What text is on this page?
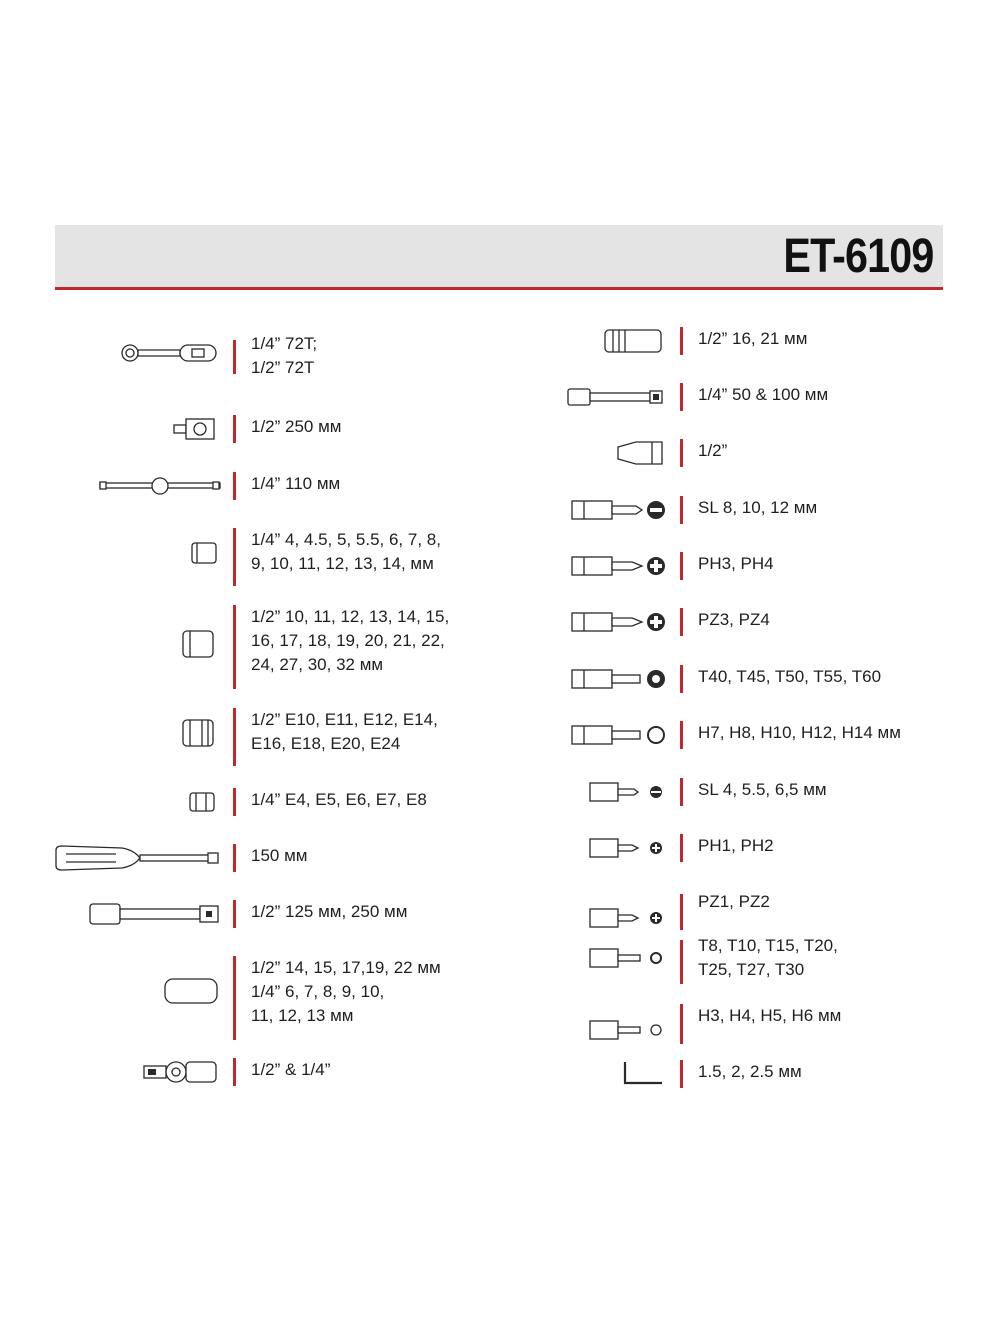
ET-6109
1/4” 72T;
1/2” 72T
1/2” 250 мм
1/4” 110 мм
1/4” 4, 4.5, 5, 5.5, 6, 7, 8,
9, 10, 11, 12, 13, 14, мм
1/2” 10, 11, 12, 13, 14, 15,
16, 17, 18, 19, 20, 21, 22,
24, 27, 30, 32 мм
1/2” E10, E11, E12, E14,
E16, E18, E20, E24
1/4” E4, E5, E6, E7, E8
150 мм
1/2” 125 мм, 250 мм
1/2” 14, 15, 17,19, 22 мм
1/4” 6, 7, 8, 9, 10,
11, 12, 13 мм
1/2” & 1/4”
1/2” 16, 21 мм
1/4” 50 & 100 мм
1/2”
SL 8, 10, 12 мм
PH3, PH4
PZ3, PZ4
T40, T45, T50, T55, T60
H7, H8, H10, H12, H14 мм
SL 4, 5.5, 6,5 мм
PH1, PH2
PZ1, PZ2
T8, T10, T15, T20,
T25, T27, T30
H3, H4, H5, H6 мм
1.5, 2, 2.5 мм
